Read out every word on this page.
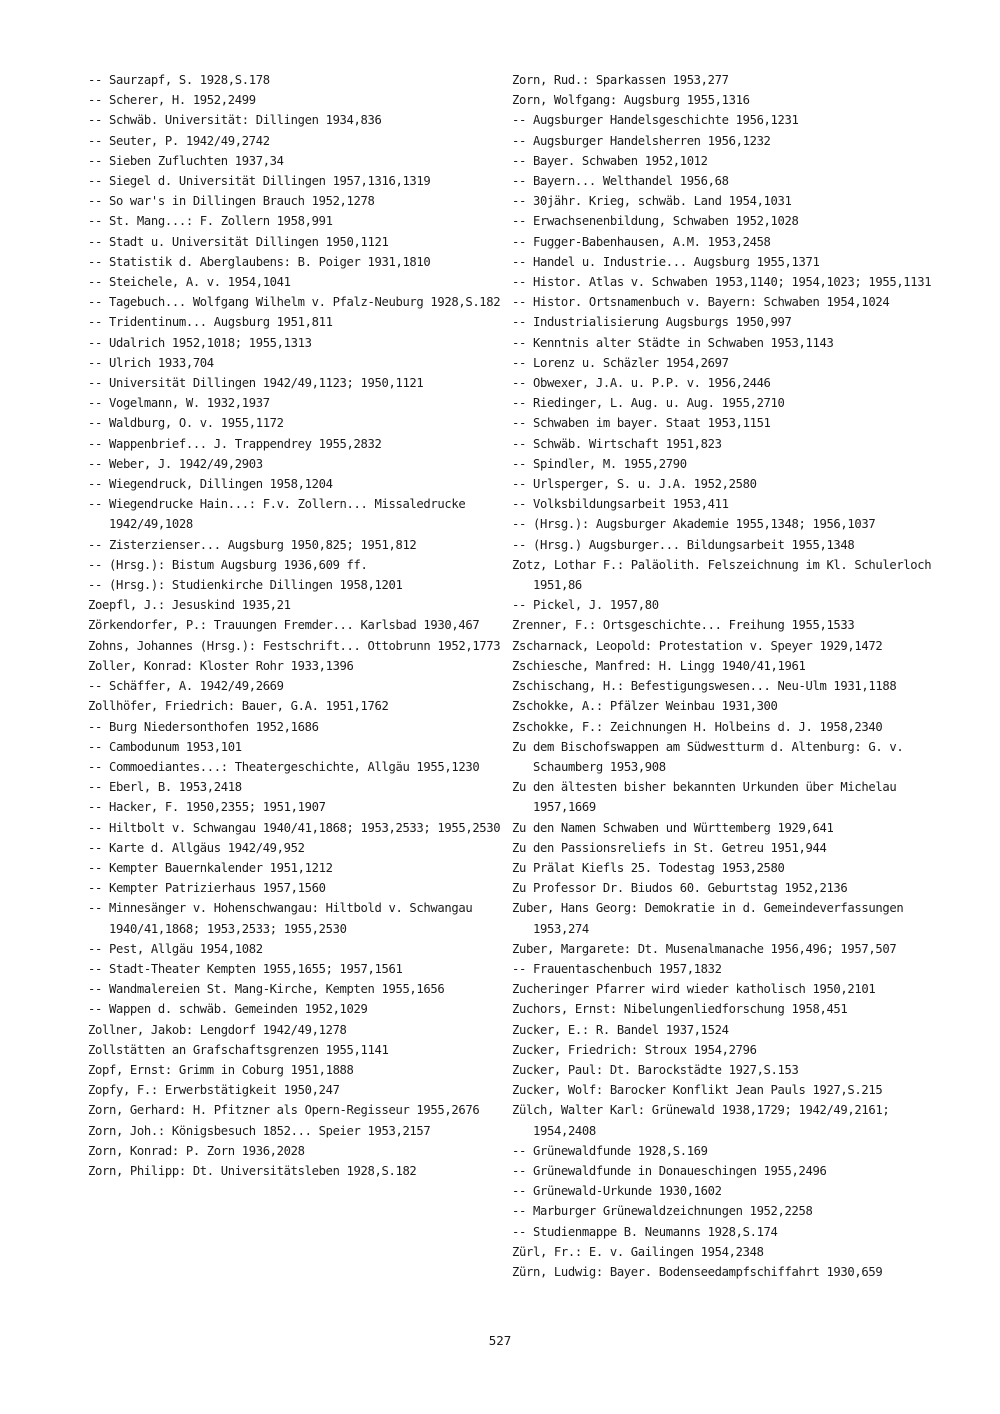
-- Saurzapf, S. 1928,S.178
-- Scherer, H. 1952,2499
-- Schwäb. Universität: Dillingen 1934,836
-- Seuter, P. 1942/49,2742
-- Sieben Zufluchten 1937,34
-- Siegel d. Universität Dillingen 1957,1316,1319
-- So war's in Dillingen Brauch 1952,1278
-- St. Mang...: F. Zollern 1958,991
-- Stadt u. Universität Dillingen 1950,1121
-- Statistik d. Aberglaubens: B. Poiger 1931,1810
-- Steichele, A. v. 1954,1041
-- Tagebuch... Wolfgang Wilhelm v. Pfalz-Neuburg 1928,S.182
-- Tridentinum... Augsburg 1951,811
-- Udalrich 1952,1018; 1955,1313
-- Ulrich 1933,704
-- Universität Dillingen 1942/49,1123; 1950,1121
-- Vogelmann, W. 1932,1937
-- Waldburg, O. v. 1955,1172
-- Wappenbrief... J. Trappendrey 1955,2832
-- Weber, J. 1942/49,2903
-- Wiegendruck, Dillingen 1958,1204
-- Wiegendrucke Hain...: F.v. Zollern... Missaledrucke 1942/49,1028
-- Zisterzienser... Augsburg 1950,825; 1951,812
-- (Hrsg.): Bistum Augsburg 1936,609 ff.
-- (Hrsg.): Studienkirche Dillingen 1958,1201
Zoepfl, J.: Jesuskind 1935,21
Zörkendorfer, P.: Trauungen Fremder... Karlsbad 1930,467
Zohns, Johannes (Hrsg.): Festschrift... Ottobrunn 1952,1773
Zoller, Konrad: Kloster Rohr 1933,1396
-- Schäffer, A. 1942/49,2669
Zollhöfer, Friedrich: Bauer, G.A. 1951,1762
-- Burg Niedersonthofen 1952,1686
-- Cambodunum 1953,101
-- Commoediantes...: Theatergeschichte, Allgäu 1955,1230
-- Eberl, B. 1953,2418
-- Hacker, F. 1950,2355; 1951,1907
-- Hiltbolt v. Schwangau 1940/41,1868; 1953,2533; 1955,2530
-- Karte d. Allgäus 1942/49,952
-- Kempter Bauernkalender 1951,1212
-- Kempter Patrizierhaus 1957,1560
-- Minnesänger v. Hohenschwangau: Hiltbold v. Schwangau 1940/41,1868; 1953,2533; 1955,2530
-- Pest, Allgäu 1954,1082
-- Stadt-Theater Kempten 1955,1655; 1957,1561
-- Wandmalereien St. Mang-Kirche, Kempten 1955,1656
-- Wappen d. schwäb. Gemeinden 1952,1029
Zollner, Jakob: Lengdorf 1942/49,1278
Zollstätten an Grafschaftsgrenzen 1955,1141
Zopf, Ernst: Grimm in Coburg 1951,1888
Zopfy, F.: Erwerbstätigkeit 1950,247
Zorn, Gerhard: H. Pfitzner als Opern-Regisseur 1955,2676
Zorn, Joh.: Königsbesuch 1852... Speier 1953,2157
Zorn, Konrad: P. Zorn 1936,2028
Zorn, Philipp: Dt. Universitätsleben 1928,S.182
Zorn, Rud.: Sparkassen 1953,277
Zorn, Wolfgang: Augsburg 1955,1316
-- Augsburger Handelsgeschichte 1956,1231
-- Augsburger Handelsherren 1956,1232
-- Bayer. Schwaben 1952,1012
-- Bayern... Welthandel 1956,68
-- 30jähr. Krieg, schwäb. Land 1954,1031
-- Erwachsenenbildung, Schwaben 1952,1028
-- Fugger-Babenhausen, A.M. 1953,2458
-- Handel u. Industrie... Augsburg 1955,1371
-- Histor. Atlas v. Schwaben 1953,1140; 1954,1023; 1955,1131
-- Histor. Ortsnamenbuch v. Bayern: Schwaben 1954,1024
-- Industrialisierung Augsburgs 1950,997
-- Kenntnis alter Städte in Schwaben 1953,1143
-- Lorenz u. Schäzler 1954,2697
-- Obwexer, J.A. u. P.P. v. 1956,2446
-- Riedinger, L. Aug. u. Aug. 1955,2710
-- Schwaben im bayer. Staat 1953,1151
-- Schwäb. Wirtschaft 1951,823
-- Spindler, M. 1955,2790
-- Urlsperger, S. u. J.A. 1952,2580
-- Volksbildungsarbeit 1953,411
-- (Hrsg.): Augsburger Akademie 1955,1348; 1956,1037
-- (Hrsg.) Augsburger... Bildungsarbeit 1955,1348
Zotz, Lothar F.: Paläolith. Felszeichnung im Kl. Schulerloch 1951,86
-- Pickel, J. 1957,80
Zrenner, F.: Ortsgeschichte... Freihung 1955,1533
Zscharnack, Leopold: Protestation v. Speyer 1929,1472
Zschiesche, Manfred: H. Lingg 1940/41,1961
Zschischang, H.: Befestigungswesen... Neu-Ulm 1931,1188
Zschokke, A.: Pfälzer Weinbau 1931,300
Zschokke, F.: Zeichnungen H. Holbeins d. J. 1958,2340
Zu dem Bischofswappen am Südwestturm d. Altenburg: G. v. Schaumberg 1953,908
Zu den ältesten bisher bekannten Urkunden über Michelau 1957,1669
Zu den Namen Schwaben und Württemberg 1929,641
Zu den Passionsreliefs in St. Getreu 1951,944
Zu Prälat Kiefls 25. Todestag 1953,2580
Zu Professor Dr. Biudos 60. Geburtstag 1952,2136
Zuber, Hans Georg: Demokratie in d. Gemeindeverfassungen 1953,274
Zuber, Margarete: Dt. Musenalmanache 1956,496; 1957,507
-- Frauentaschenbuch 1957,1832
Zucheringer Pfarrer wird wieder katholisch 1950,2101
Zuchors, Ernst: Nibelungenliedforschung 1958,451
Zucker, E.: R. Bandel 1937,1524
Zucker, Friedrich: Stroux 1954,2796
Zucker, Paul: Dt. Barockstädte 1927,S.153
Zucker, Wolf: Barocker Konflikt Jean Pauls 1927,S.215
Zülch, Walter Karl: Grünewald 1938,1729; 1942/49,2161; 1954,2408
-- Grünewaldfunde 1928,S.169
-- Grünewaldfunde in Donaueschingen 1955,2496
-- Grünewald-Urkunde 1930,1602
-- Marburger Grünewaldzeichnungen 1952,2258
-- Studienmappe B. Neumanns 1928,S.174
Zürl, Fr.: E. v. Gailingen 1954,2348
Zürn, Ludwig: Bayer. Bodenseedampfschiffahrt 1930,659
527
